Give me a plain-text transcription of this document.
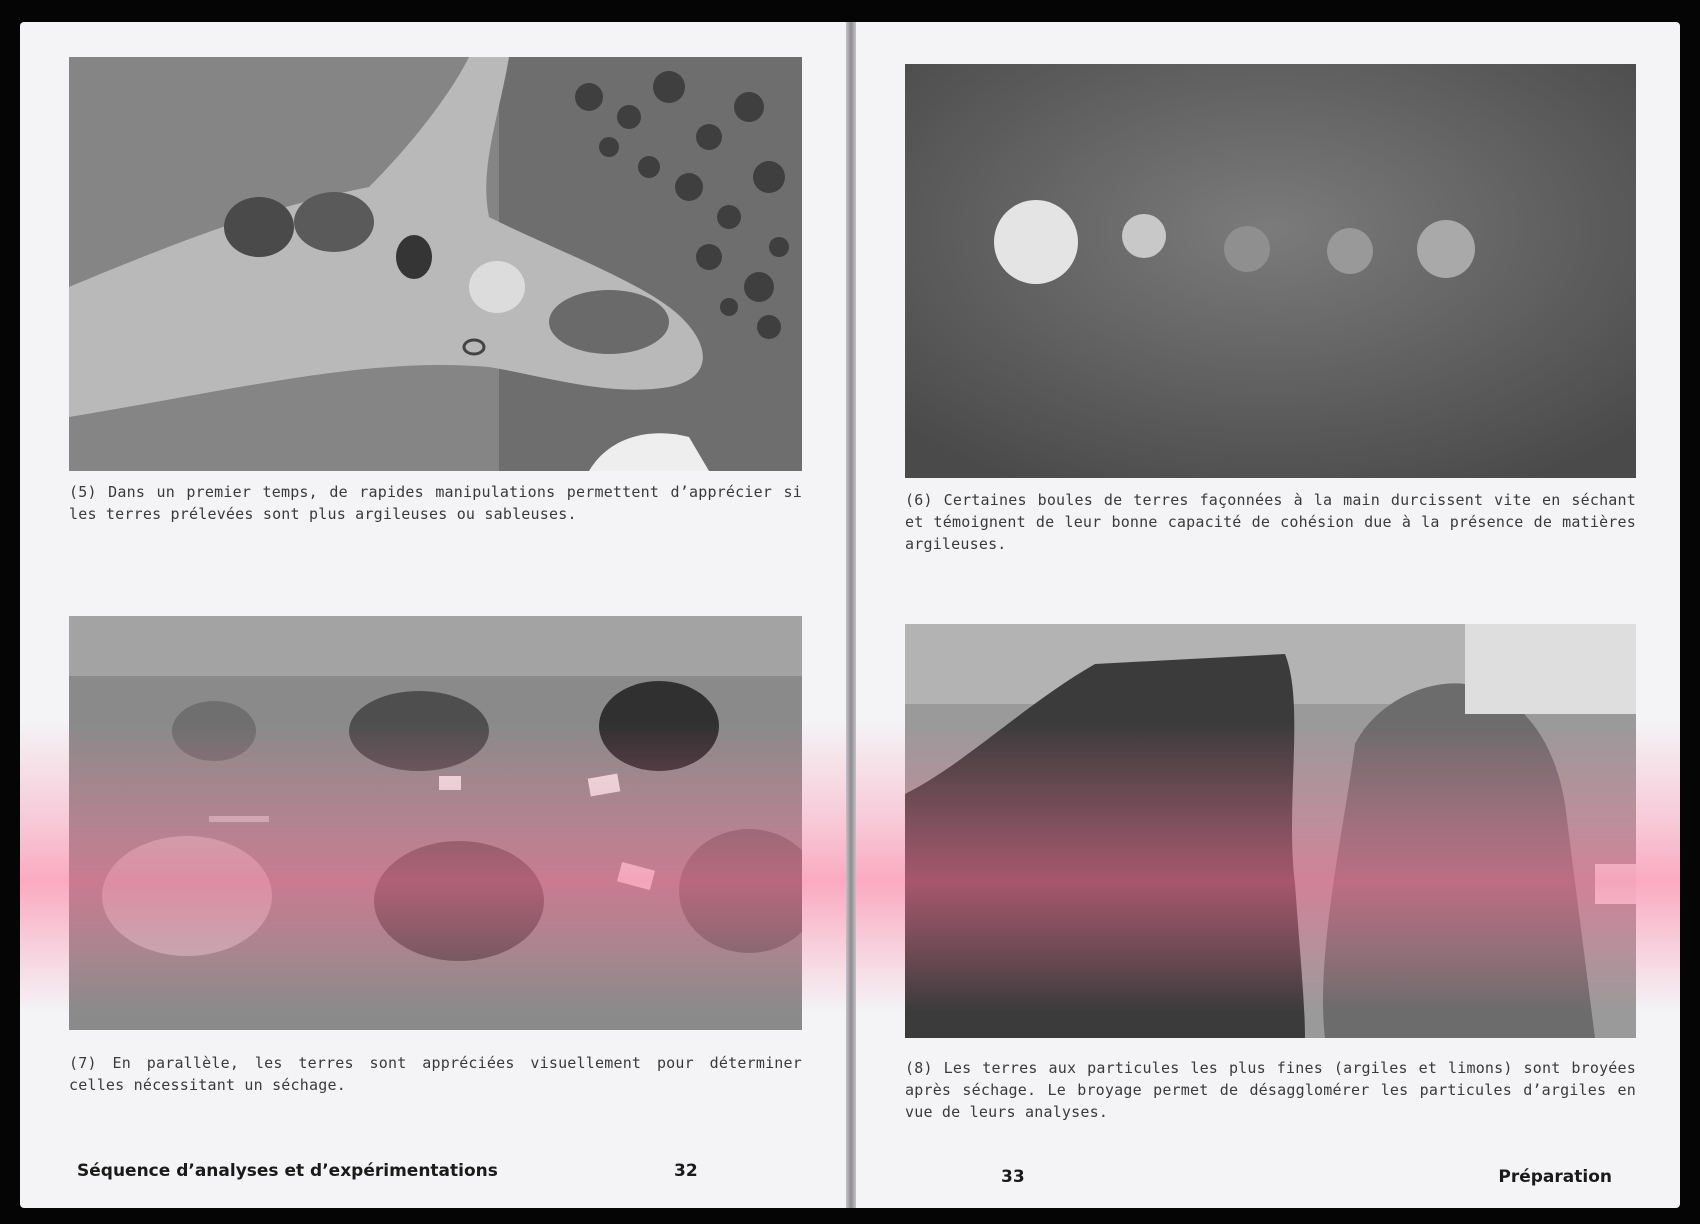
(5) Dans un premier temps, de rapides manipulations permettent d’apprécier si les terres prélevées sont plus argileuses ou sableuses.
(7) En parallèle, les terres sont appréciées visuellement pour déterminer celles nécessitant un séchage.
Séquence d’analyses et d’expérimentations	32
(6) Certaines boules de terres façonnées à la main durcissent vite en séchant et témoignent de leur bonne capacité de cohésion due à la présence de matières argileuses.
(8) Les terres aux particules les plus fines (argiles et limons) sont broyées après séchage. Le broyage permet de désagglomérer les particules d’argiles en vue de leurs analyses.
33	Préparation
